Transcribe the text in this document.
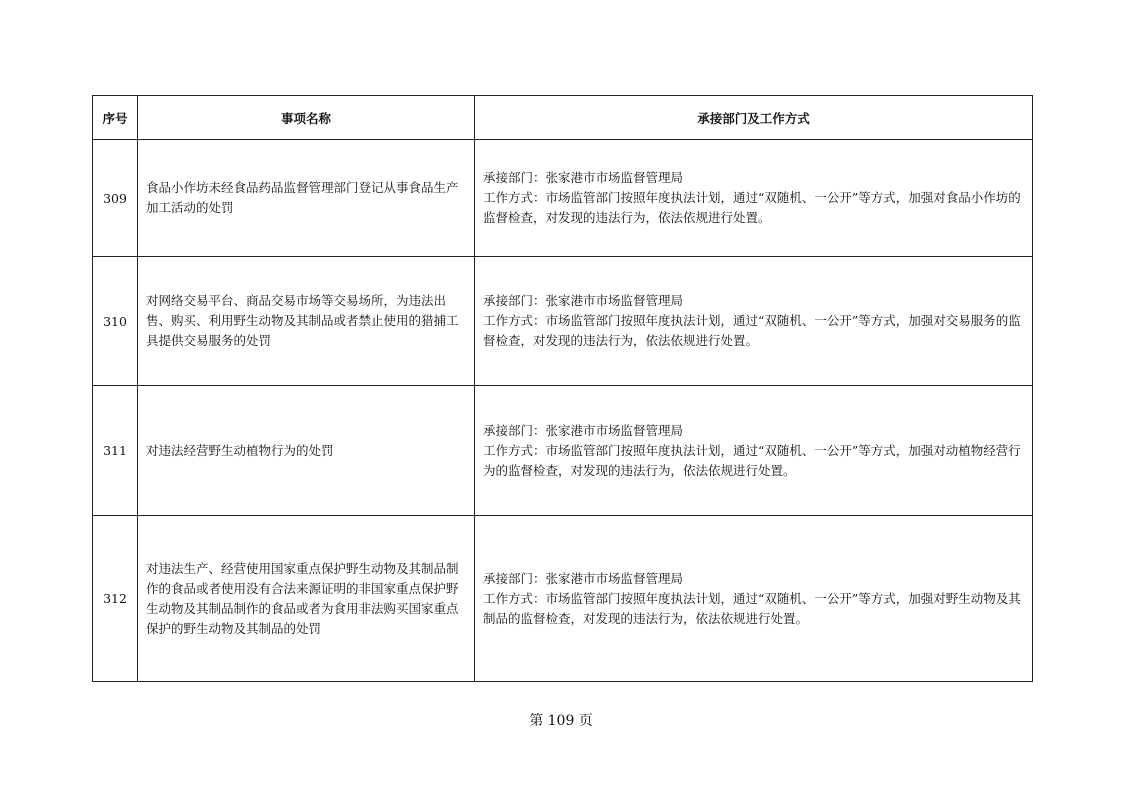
序号	事项名称	承接部门及工作方式
309	食品小作坊未经食品药品监督管理部门登记从事食品生产加工活动的处罚	承接部门：张家港市市场监督管理局
工作方式：市场监管部门按照年度执法计划，通过“双随机、一公开”等方式，加强对食品小作坊的监督检查，对发现的违法行为，依法依规进行处置。

310	对网络交易平台、商品交易市场等交易场所，为违法出售、购买、利用野生动物及其制品或者禁止使用的猎捕工具提供交易服务的处罚	承接部门：张家港市市场监督管理局
工作方式：市场监管部门按照年度执法计划，通过“双随机、一公开”等方式，加强对交易服务的监督检查，对发现的违法行为，依法依规进行处置。

311	对违法经营野生动植物行为的处罚	承接部门：张家港市市场监督管理局
工作方式：市场监管部门按照年度执法计划，通过“双随机、一公开”等方式，加强对动植物经营行为的监督检查，对发现的违法行为，依法依规进行处置。

312	对违法生产、经营使用国家重点保护野生动物及其制品制作的食品或者使用没有合法来源证明的非国家重点保护野生动物及其制品制作的食品或者为食用非法购买国家重点保护的野生动物及其制品的处罚	承接部门：张家港市市场监督管理局
工作方式：市场监管部门按照年度执法计划，通过“双随机、一公开”等方式，加强对野生动物及其制品的监督检查，对发现的违法行为，依法依规进行处置。
第 109 页
